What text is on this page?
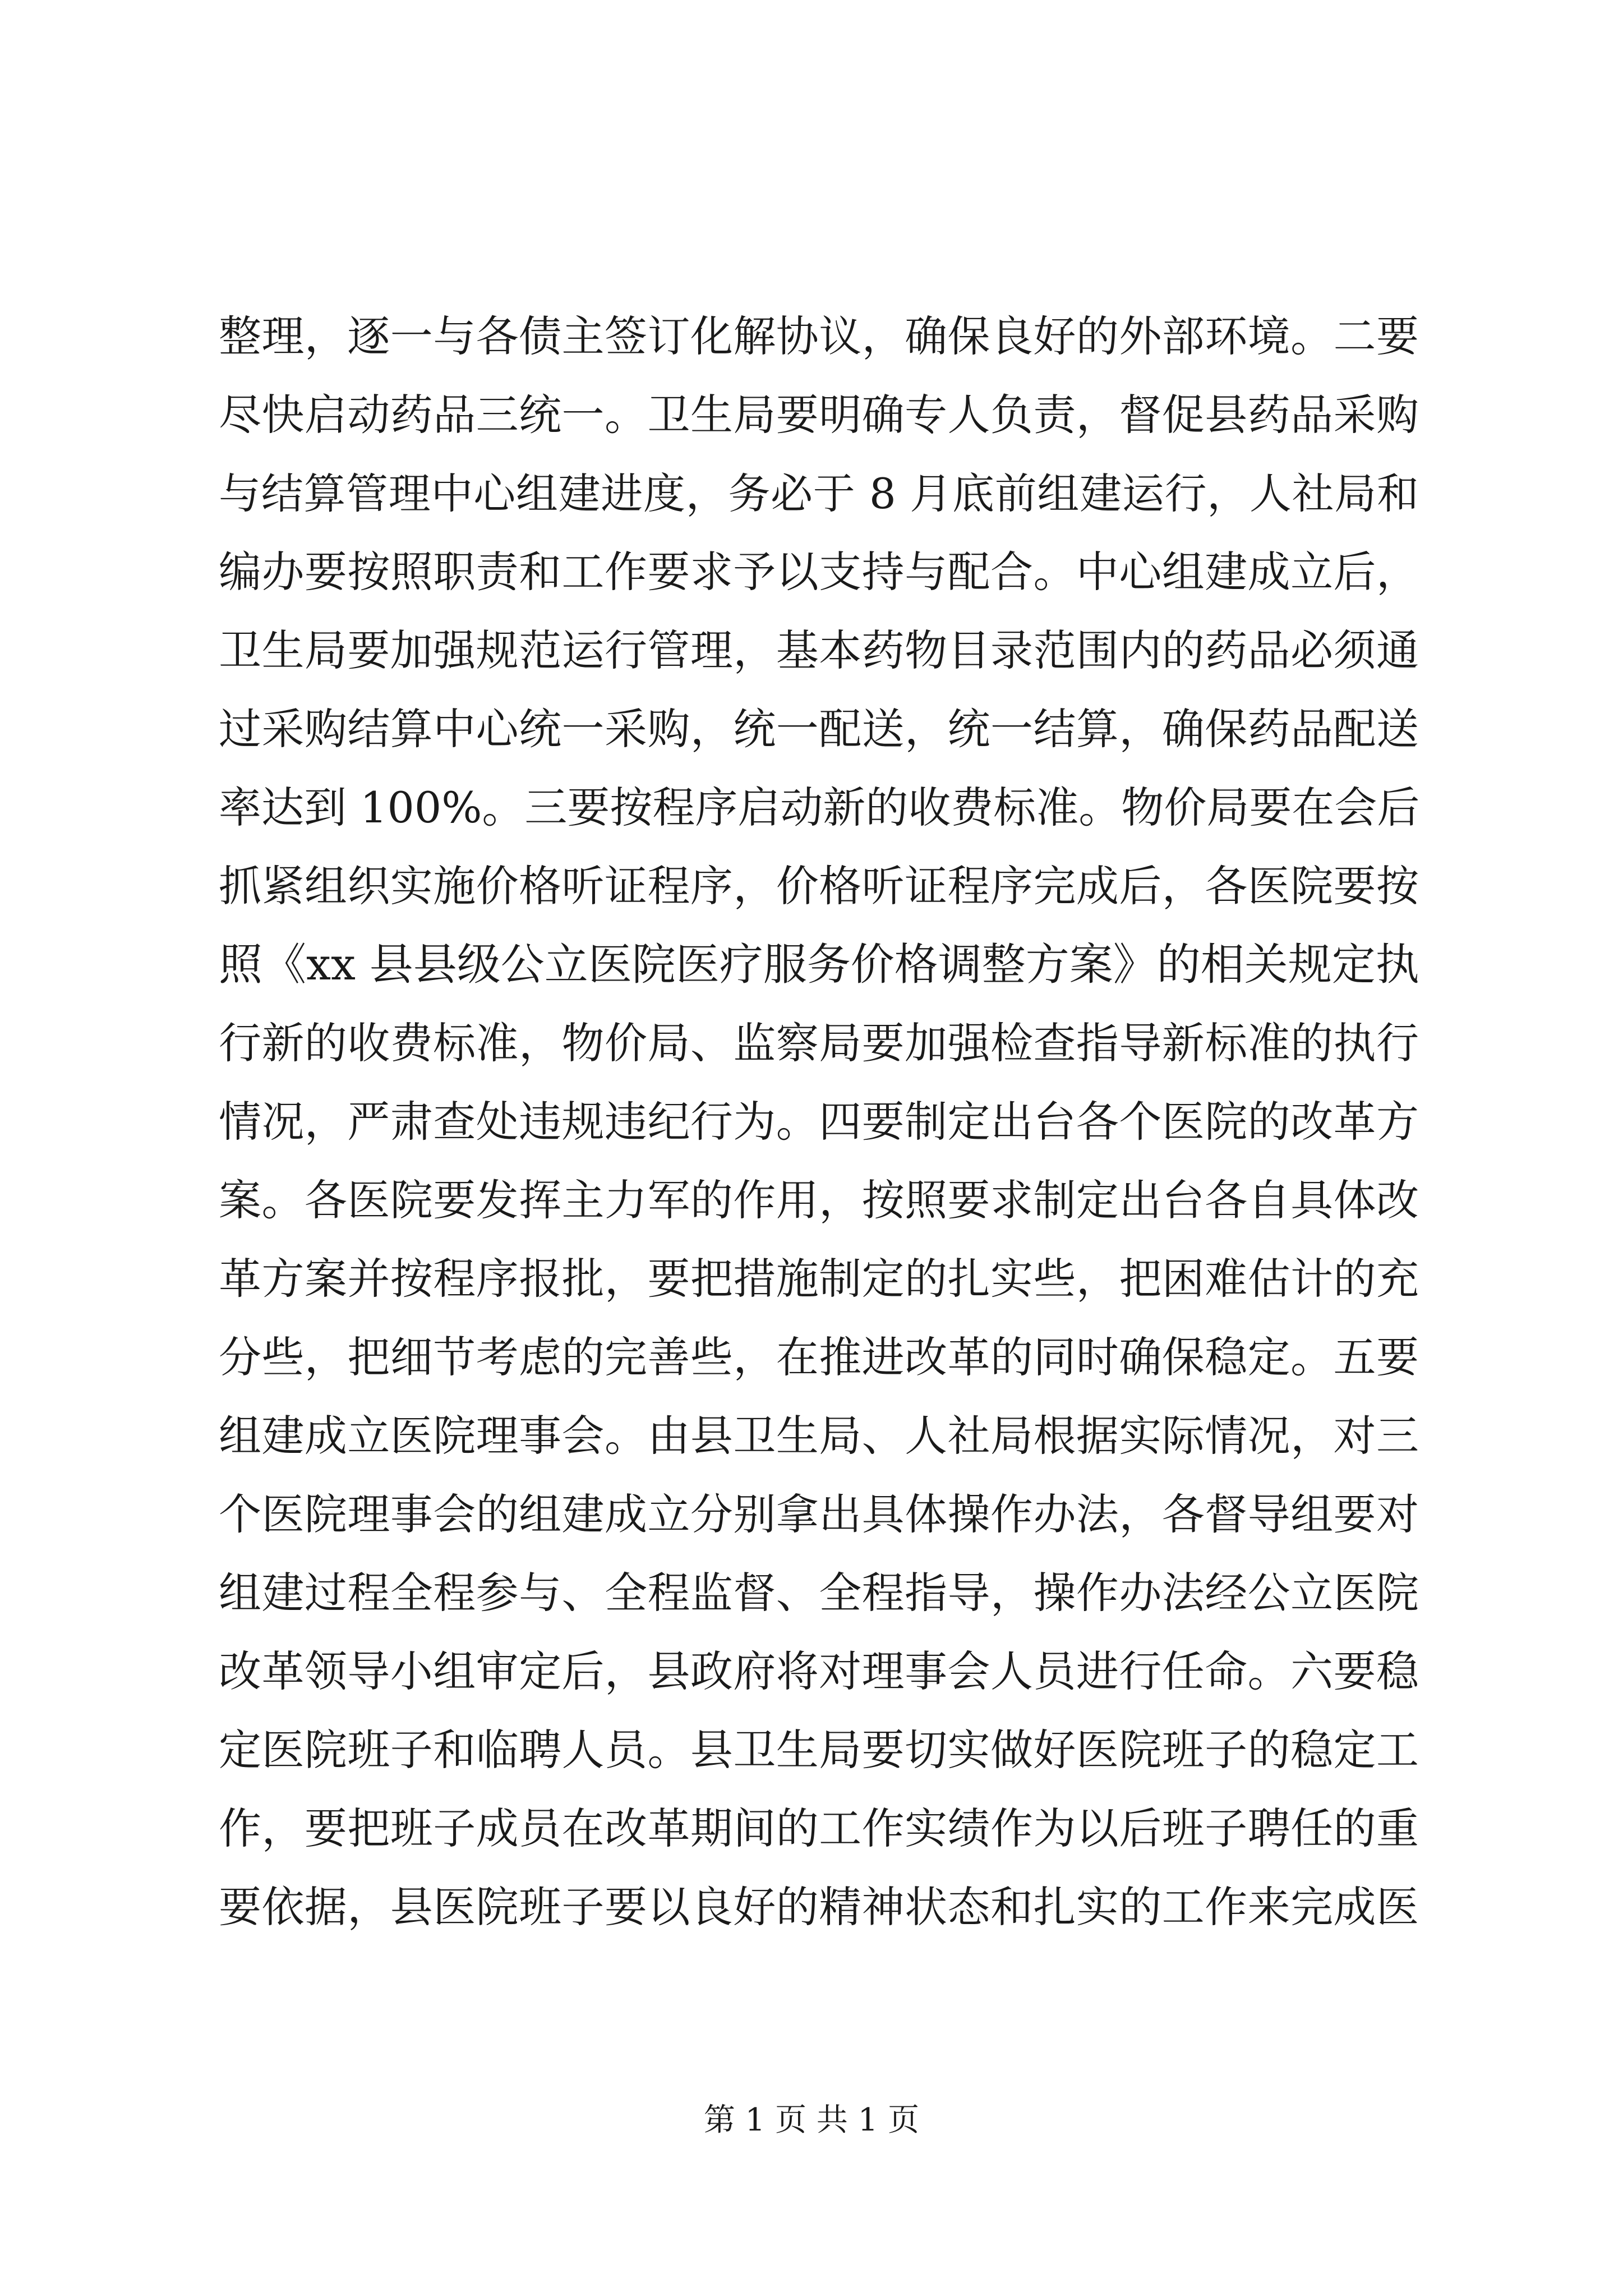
整理，逐一与各债主签订化解协议，确保良好的外部环境。二要
尽快启动药品三统一。卫生局要明确专人负责，督促县药品采购
与结算管理中心组建进度，务必于 8 月底前组建运行，人社局和
编办要按照职责和工作要求予以支持与配合。中心组建成立后，
卫生局要加强规范运行管理，基本药物目录范围内的药品必须通
过采购结算中心统一采购，统一配送，统一结算，确保药品配送
率达到 100%。三要按程序启动新的收费标准。物价局要在会后
抓紧组织实施价格听证程序，价格听证程序完成后，各医院要按
照《xx 县县级公立医院医疗服务价格调整方案》的相关规定执
行新的收费标准，物价局、监察局要加强检查指导新标准的执行
情况，严肃查处违规违纪行为。四要制定出台各个医院的改革方
案。各医院要发挥主力军的作用，按照要求制定出台各自具体改
革方案并按程序报批，要把措施制定的扎实些，把困难估计的充
分些，把细节考虑的完善些，在推进改革的同时确保稳定。五要
组建成立医院理事会。由县卫生局、人社局根据实际情况，对三
个医院理事会的组建成立分别拿出具体操作办法，各督导组要对
组建过程全程参与、全程监督、全程指导，操作办法经公立医院
改革领导小组审定后，县政府将对理事会人员进行任命。六要稳
定医院班子和临聘人员。县卫生局要切实做好医院班子的稳定工
作，要把班子成员在改革期间的工作实绩作为以后班子聘任的重
要依据，县医院班子要以良好的精神状态和扎实的工作来完成医
第 1 页 共 1 页
